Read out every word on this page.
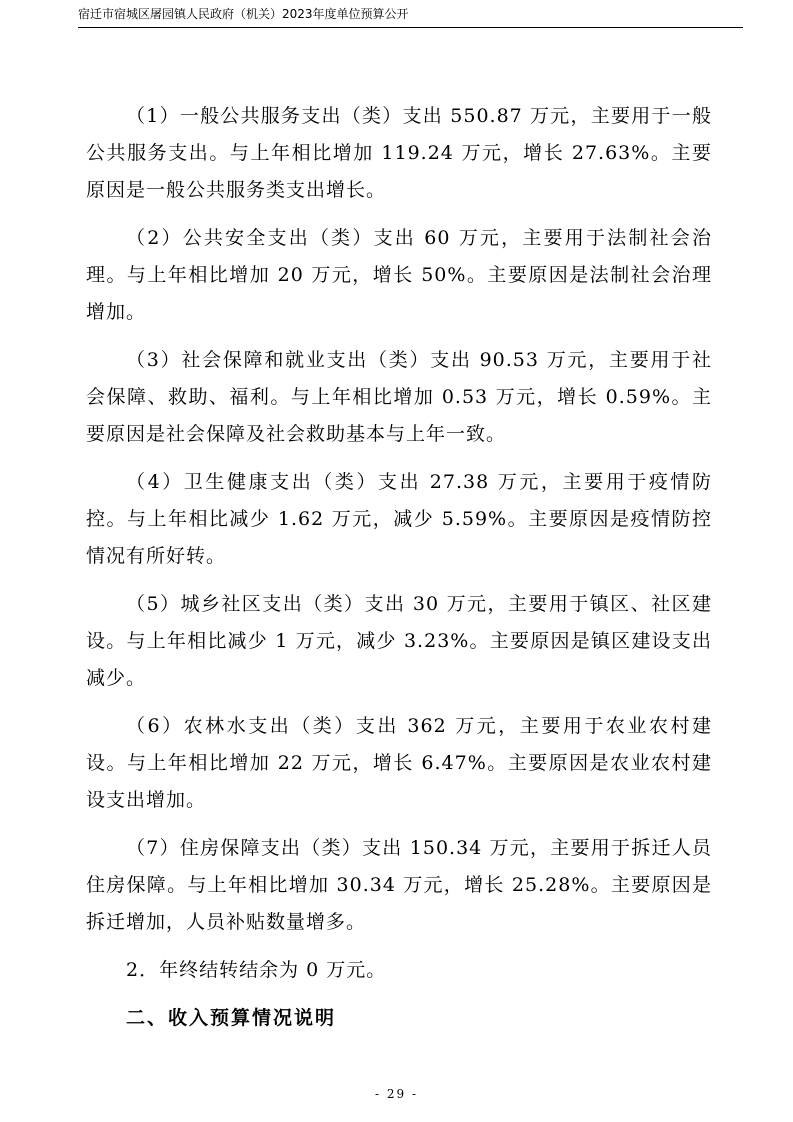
宿迁市宿城区屠园镇人民政府（机关）2023年度单位预算公开

（1）一般公共服务支出（类）支出 550.87 万元，主要用于一般公共服务支出。与上年相比增加 119.24 万元，增长 27.63%。主要原因是一般公共服务类支出增长。

（2）公共安全支出（类）支出 60 万元，主要用于法制社会治理。与上年相比增加 20 万元，增长 50%。主要原因是法制社会治理增加。

（3）社会保障和就业支出（类）支出 90.53 万元，主要用于社会保障、救助、福利。与上年相比增加 0.53 万元，增长 0.59%。主要原因是社会保障及社会救助基本与上年一致。

（4）卫生健康支出（类）支出 27.38 万元，主要用于疫情防控。与上年相比减少 1.62 万元，减少 5.59%。主要原因是疫情防控情况有所好转。

（5）城乡社区支出（类）支出 30 万元，主要用于镇区、社区建设。与上年相比减少 1 万元，减少 3.23%。主要原因是镇区建设支出减少。

（6）农林水支出（类）支出 362 万元，主要用于农业农村建设。与上年相比增加 22 万元，增长 6.47%。主要原因是农业农村建设支出增加。

（7）住房保障支出（类）支出 150.34 万元，主要用于拆迁人员住房保障。与上年相比增加 30.34 万元，增长 25.28%。主要原因是拆迁增加，人员补贴数量增多。

2．年终结转结余为 0 万元。

二、收入预算情况说明

- 29 -
